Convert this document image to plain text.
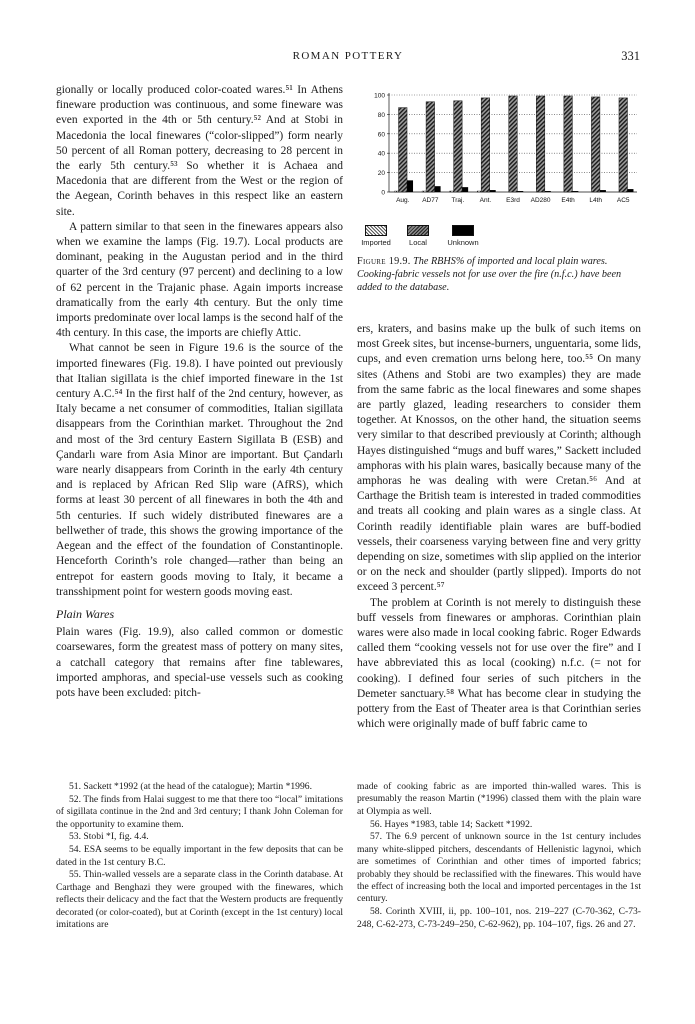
ROMAN POTTERY	331

gionally or locally produced color-coated wares.⁵¹ In Athens fineware production was continuous, and some fineware was even exported in the 4th or 5th century.⁵² And at Stobi in Macedonia the local finewares (“color-slipped”) form nearly 50 percent of all Roman pottery, decreasing to 28 percent in the early 5th century.⁵³ So whether it is Achaea and Macedonia that are different from the West or the region of the Aegean, Corinth behaves in this respect like an eastern site.

A pattern similar to that seen in the finewares appears also when we examine the lamps (Fig. 19.7). Local products are dominant, peaking in the Augustan period and in the third quarter of the 3rd century (97 percent) and declining to a low of 62 percent in the Trajanic phase. Again imports increase dramatically from the early 4th century. But the only time imports predominate over local lamps is the second half of the 4th century. In this case, the imports are chiefly Attic.

What cannot be seen in Figure 19.6 is the source of the imported finewares (Fig. 19.8). I have pointed out previously that Italian sigillata is the chief imported fineware in the 1st century A.C.⁵⁴ In the first half of the 2nd century, however, as Italy became a net consumer of commodities, Italian sigillata disappears from the Corinthian market. Throughout the 2nd and most of the 3rd century Eastern Sigillata B (ESB) and Çandarlı ware from Asia Minor are important. But Çandarlı ware nearly disappears from Corinth in the early 4th century and is replaced by African Red Slip ware (AfRS), which forms at least 30 percent of all finewares in both the 4th and 5th centuries. If such widely distributed finewares are a bellwether of trade, this shows the growing importance of the Aegean and the effect of the foundation of Constantinople. Henceforth Corinth’s role changed—rather than being an entrepot for eastern goods moving to Italy, it became a transshipment point for western goods moving east.

Plain Wares

Plain wares (Fig. 19.9), also called common or domestic coarsewares, form the greatest mass of pottery on many sites, a catchall category that remains after fine tablewares, imported amphoras, and special-use vessels such as cooking pots have been excluded: pitch-

0
20
40
60
80
100
Aug. AD77 Traj. Ant. E3rd AD280 E4th L4th AC5
Imported	Local	Unknown
Figure 19.9. The RBHS% of imported and local plain wares. Cooking-fabric vessels not for use over the fire (n.f.c.) have been added to the database.

ers, kraters, and basins make up the bulk of such items on most Greek sites, but incense-burners, unguentaria, some lids, cups, and even cremation urns belong here, too.⁵⁵ On many sites (Athens and Stobi are two examples) they are made from the same fabric as the local finewares and some shapes are partly glazed, leading researchers to consider them together. At Knossos, on the other hand, the situation seems very similar to that described previously at Corinth; although Hayes distinguished “mugs and buff wares,” Sackett included amphoras with his plain wares, basically because many of the amphoras he was dealing with were Cretan.⁵⁶ And at Carthage the British team is interested in traded commodities and treats all cooking and plain wares as a single class. At Corinth readily identifiable plain wares are buff-bodied vessels, their coarseness varying between fine and very gritty depending on size, sometimes with slip applied on the interior or on the neck and shoulder (partly slipped). Imports do not exceed 3 percent.⁵⁷

The problem at Corinth is not merely to distinguish these buff vessels from finewares or amphoras. Corinthian plain wares were also made in local cooking fabric. Roger Edwards called them “cooking vessels not for use over the fire” and I have abbreviated this as local (cooking) n.f.c. (= not for cooking). I defined four series of such pitchers in the Demeter sanctuary.⁵⁸ What has become clear in studying the pottery from the East of Theater area is that Corinthian series which were originally made of buff fabric came to

51. Sackett *1992 (at the head of the catalogue); Martin *1996.

52. The finds from Halai suggest to me that there too “local” imitations of sigillata continue in the 2nd and 3rd century; I thank John Coleman for the opportunity to examine them.

53. Stobi *I, fig. 4.4.

54. ESA seems to be equally important in the few deposits that can be dated in the 1st century B.C.

55. Thin-walled vessels are a separate class in the Corinth database. At Carthage and Benghazi they were grouped with the finewares, which reflects their delicacy and the fact that the Western products are frequently decorated (or color-coated), but at Corinth (except in the 1st century) local imitations are

made of cooking fabric as are imported thin-walled wares. This is presumably the reason Martin (*1996) classed them with the plain ware at Olympia as well.

56. Hayes *1983, table 14; Sackett *1992.

57. The 6.9 percent of unknown source in the 1st century includes many white-slipped pitchers, descendants of Hellenistic lagynoi, which are sometimes of Corinthian and other times of imported fabrics; probably they should be reclassified with the finewares. This would have the effect of increasing both the local and imported percentages in the 1st century.

58. Corinth XVIII, ii, pp. 100–101, nos. 219–227 (C-70-362, C-73-248, C-62-273, C-73-249–250, C-62-962), pp. 104–107, figs. 26 and 27.
